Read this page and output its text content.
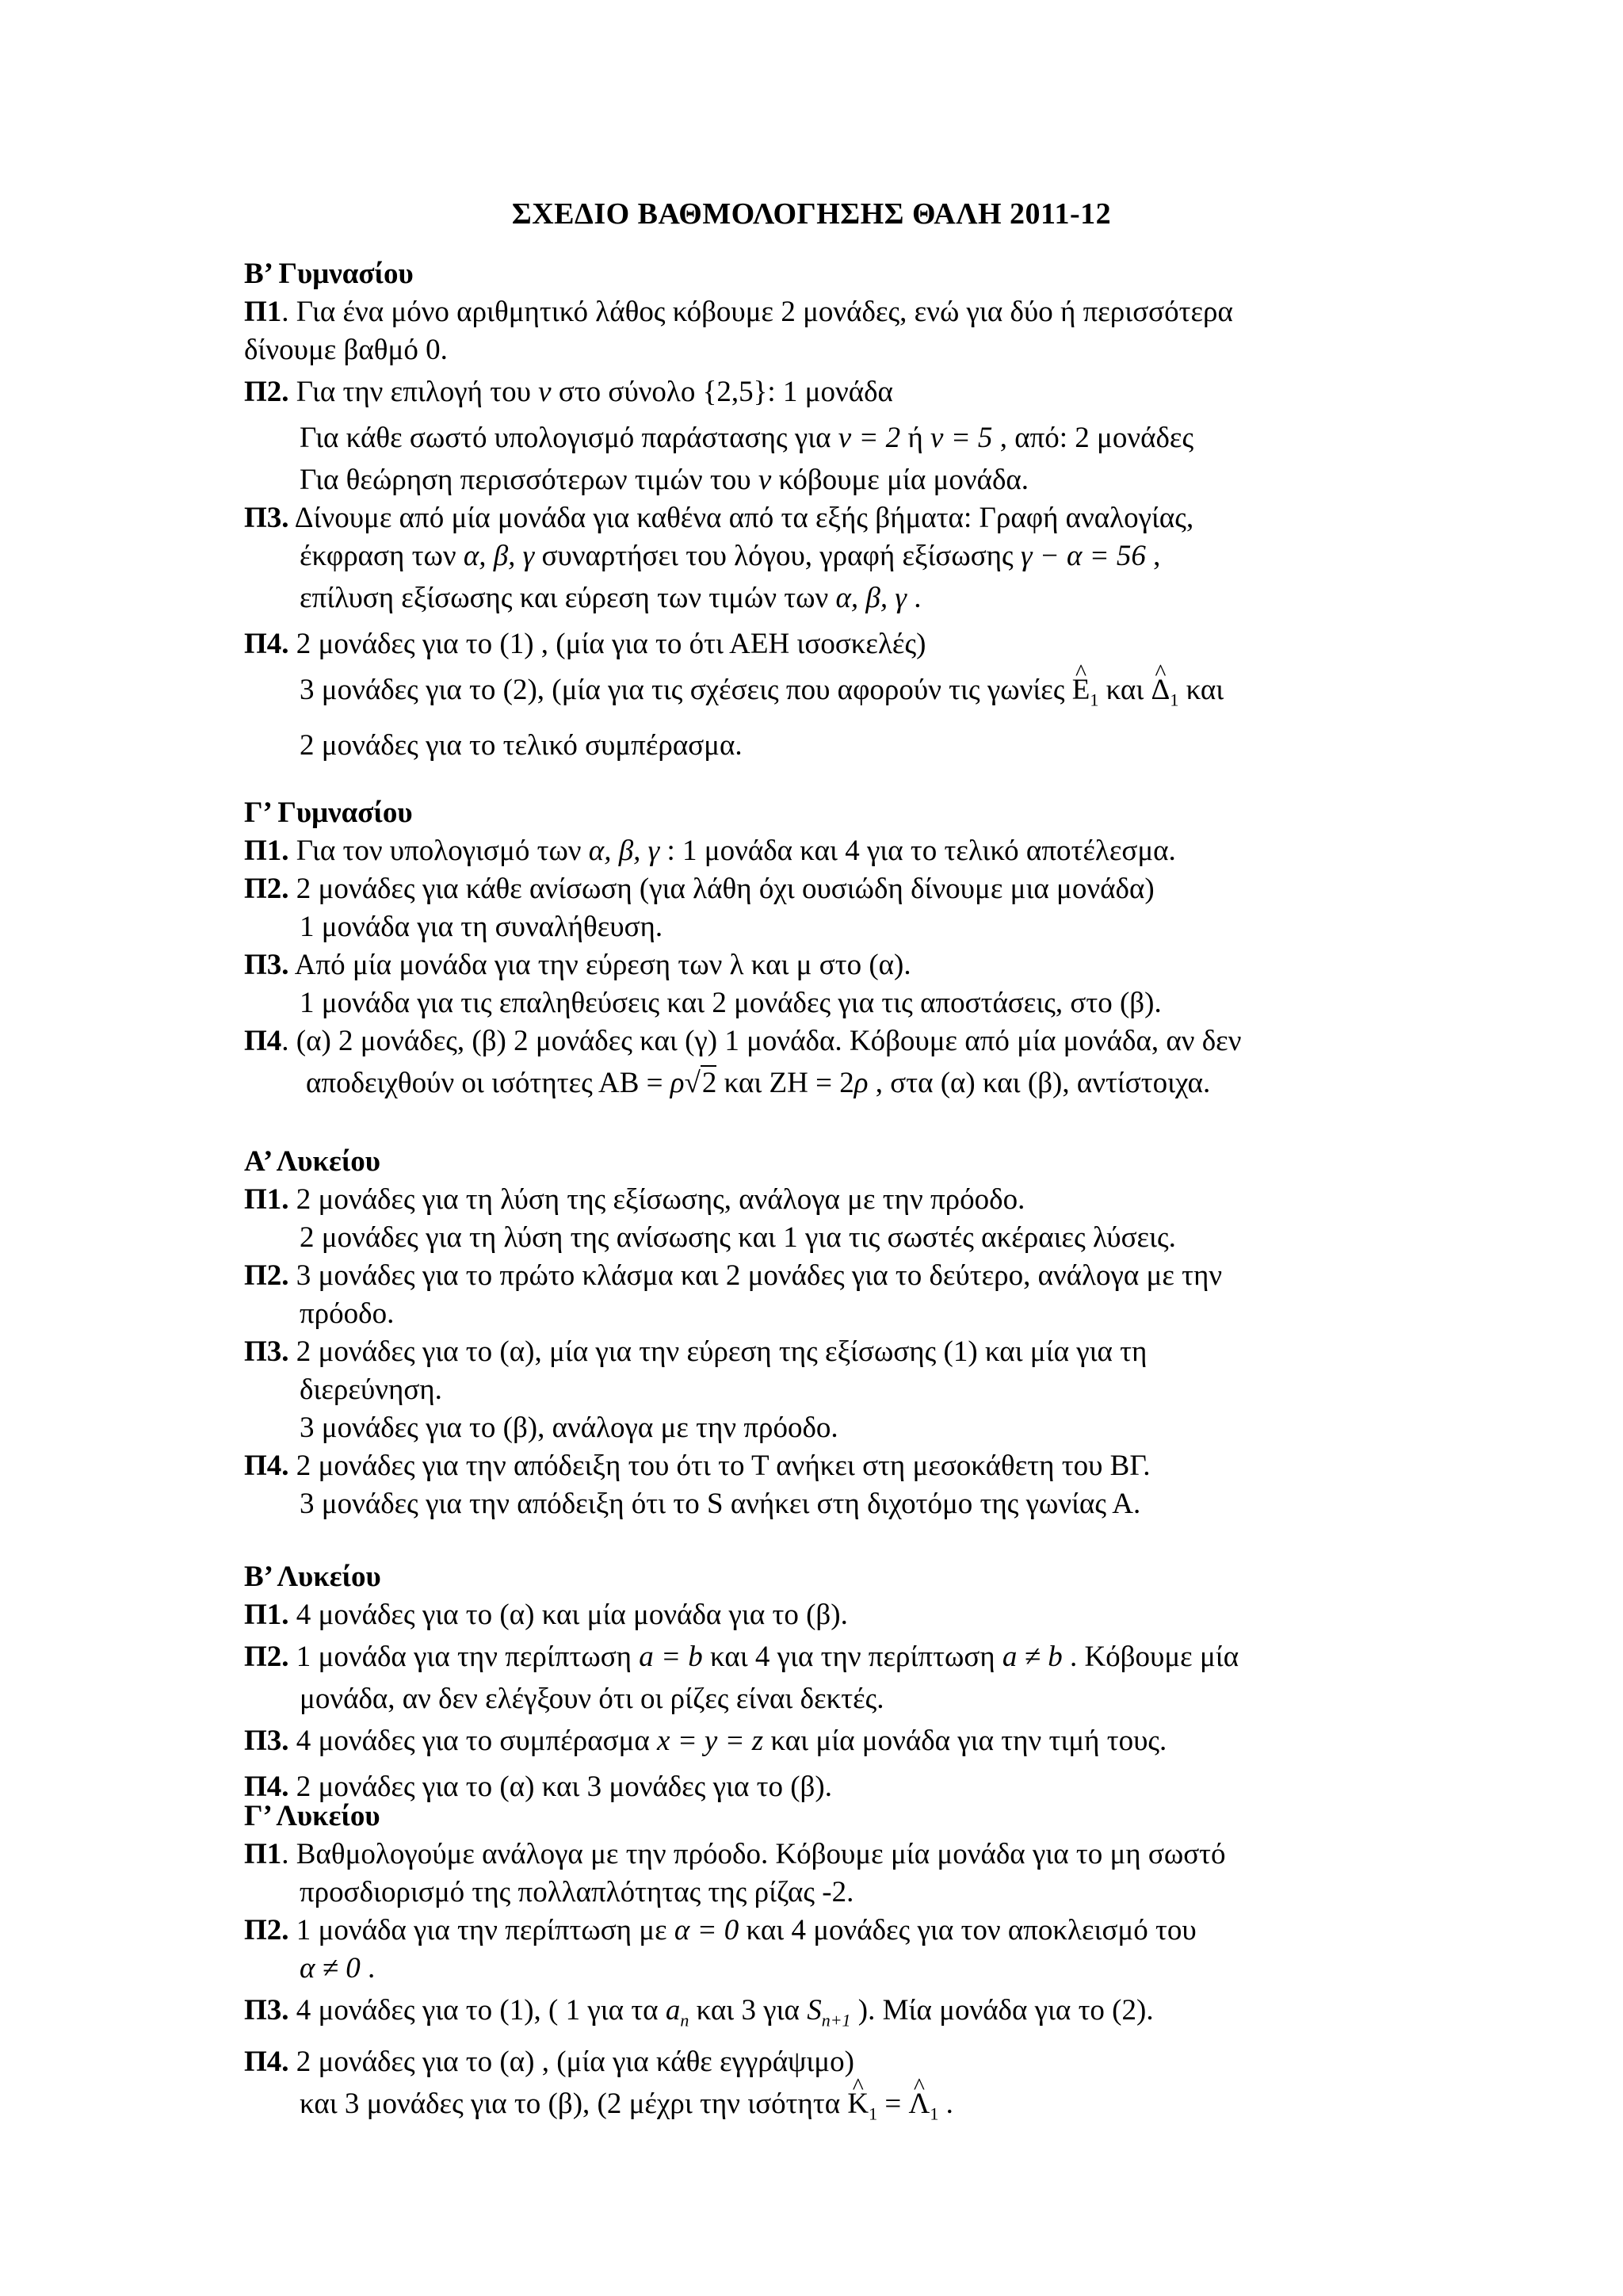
ΣΧΕΔΙΟ ΒΑΘΜΟΛΟΓΗΣΗΣ ΘΑΛΗ 2011-12
Β’ Γυμνασίου
Π1. Για ένα μόνο αριθμητικό λάθος κόβουμε 2 μονάδες, ενώ για δύο ή περισσότερα
δίνουμε βαθμό 0.
Π2. Για την επιλογή του ν στο σύνολο {2,5}: 1 μονάδα
Για κάθε σωστό υπολογισμό παράστασης για ν = 2 ή ν = 5 , από: 2 μονάδες
Για θεώρηση περισσότερων τιμών του ν κόβουμε μία μονάδα.
Π3. Δίνουμε από μία μονάδα για καθένα από τα εξής βήματα: Γραφή αναλογίας,
έκφραση των α, β, γ συναρτήσει του λόγου, γραφή εξίσωσης γ − α = 56 ,
επίλυση εξίσωσης και εύρεση των τιμών των α, β, γ .
Π4. 2 μονάδες για το (1) , (μία για το ότι ΑΕΗ ισοσκελές)
3 μονάδες για το (2), (μία για τις σχέσεις που αφορούν τις γωνίες ^ $E_1$ και ^ $\Delta_1$ και
2 μονάδες για το τελικό συμπέρασμα.
Γ’ Γυμνασίου
Π1. Για τον υπολογισμό των α, β, γ : 1 μονάδα και 4 για το τελικό αποτέλεσμα.
Π2. 2 μονάδες για κάθε ανίσωση (για λάθη όχι ουσιώδη δίνουμε μια μονάδα)
1 μονάδα για τη συναλήθευση.
Π3. Από μία μονάδα για την εύρεση των λ και μ στο (α).
1 μονάδα για τις επαληθεύσεις και 2 μονάδες για τις αποστάσεις, στο (β).
Π4. (α) 2 μονάδες, (β) 2 μονάδες και (γ) 1 μονάδα. Κόβουμε από μία μονάδα, αν δεν
αποδειχθούν οι ισότητες ΑΒ = ρ√2 και ΖΗ = 2ρ , στα (α) και (β), αντίστοιχα.
Α’ Λυκείου
Π1. 2 μονάδες για τη λύση της εξίσωσης, ανάλογα με την πρόοδο.
2 μονάδες για τη λύση της ανίσωσης και 1 για τις σωστές ακέραιες λύσεις.
Π2. 3 μονάδες για το πρώτο κλάσμα και 2 μονάδες για το δεύτερο, ανάλογα με την
πρόοδο.
Π3. 2 μονάδες για το (α), μία για την εύρεση της εξίσωσης (1) και μία για τη
διερεύνηση.
3 μονάδες για το (β), ανάλογα με την πρόοδο.
Π4. 2 μονάδες για την απόδειξη του ότι το Τ ανήκει στη μεσοκάθετη του ΒΓ.
3 μονάδες για την απόδειξη ότι το S ανήκει στη διχοτόμο της γωνίας Α.
Β’ Λυκείου
Π1. 4 μονάδες για το (α) και μία μονάδα για το (β).
Π2. 1 μονάδα για την περίπτωση a = b και 4 για την περίπτωση a ≠ b . Κόβουμε μία
μονάδα, αν δεν ελέγξουν ότι οι ρίζες είναι δεκτές.
Π3. 4 μονάδες για το συμπέρασμα x = y = z και μία μονάδα για την τιμή τους.
Π4. 2 μονάδες για το (α) και 3 μονάδες για το (β).
Γ’ Λυκείου
Π1. Βαθμολογούμε ανάλογα με την πρόοδο. Κόβουμε μία μονάδα για το μη σωστό
προσδιορισμό της πολλαπλότητας της ρίζας -2.
Π2. 1 μονάδα για την περίπτωση με α = 0 και 4 μονάδες για τον αποκλεισμό του
α ≠ 0 .
Π3. 4 μονάδες για το (1), ( 1 για τα $a_n$ και 3 για $S_{n+1}$ ). Μία μονάδα για το (2).
Π4. 2 μονάδες για το (α) , (μία για κάθε εγγράψιμο)
και 3 μονάδες για το (β), (2 μέχρι την ισότητα ^ $K_1$ = ^ $\Lambda_1$ .
